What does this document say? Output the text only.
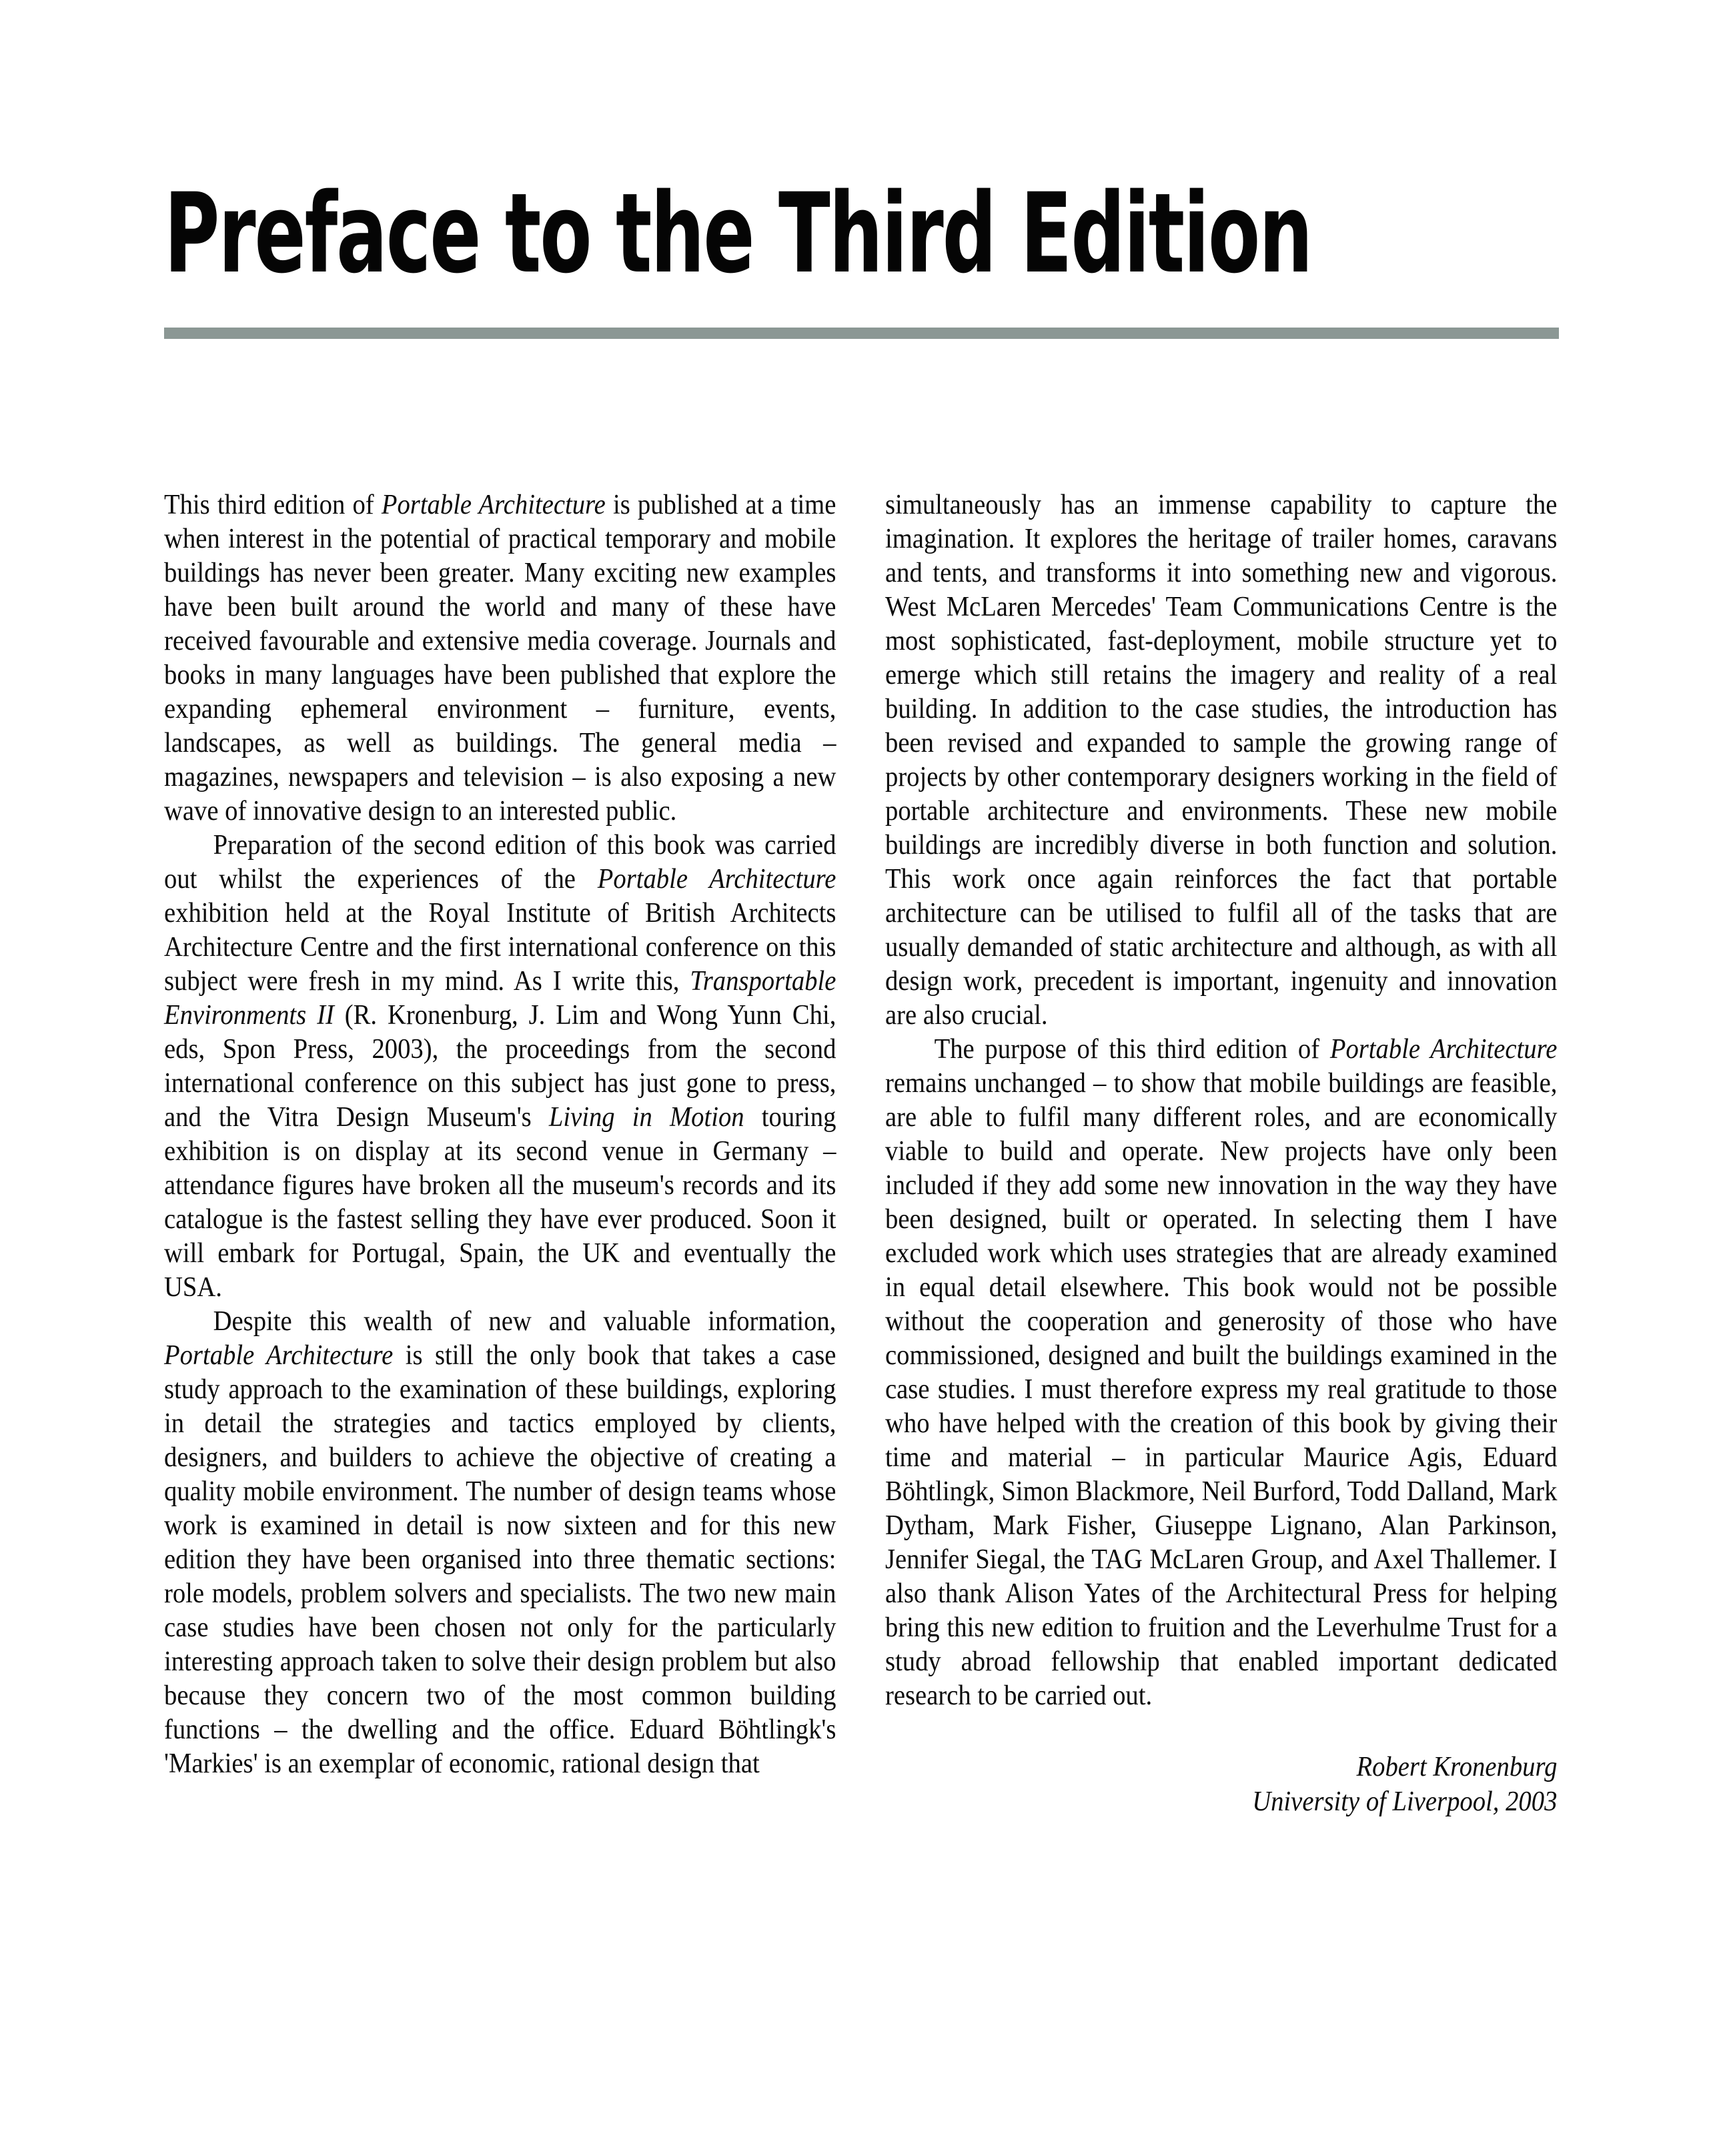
Preface to the Third Edition

This third edition of Portable Architecture is published at a time when interest in the potential of practical temporary and mobile buildings has never been greater. Many exciting new examples have been built around the world and many of these have received favourable and extensive media coverage. Journals and books in many languages have been published that explore the expanding ephemeral environment – furniture, events, landscapes, as well as buildings. The general media – magazines, newspapers and television – is also exposing a new wave of innovative design to an interested public.

Preparation of the second edition of this book was carried out whilst the experiences of the Portable Architecture exhibition held at the Royal Institute of British Architects Architecture Centre and the first international conference on this subject were fresh in my mind. As I write this, Transportable Environments II (R. Kronenburg, J. Lim and Wong Yunn Chi, eds, Spon Press, 2003), the proceedings from the second international conference on this subject has just gone to press, and the Vitra Design Museum's Living in Motion touring exhibition is on display at its second venue in Germany – attendance figures have broken all the museum's records and its catalogue is the fastest selling they have ever produced. Soon it will embark for Portugal, Spain, the UK and eventually the USA.

Despite this wealth of new and valuable information, Portable Architecture is still the only book that takes a case study approach to the examination of these buildings, exploring in detail the strategies and tactics employed by clients, designers, and builders to achieve the objective of creating a quality mobile environment. The number of design teams whose work is examined in detail is now sixteen and for this new edition they have been organised into three thematic sections: role models, problem solvers and specialists. The two new main case studies have been chosen not only for the particularly interesting approach taken to solve their design problem but also because they concern two of the most common building functions – the dwelling and the office. Eduard Böhtlingk's 'Markies' is an exemplar of economic, rational design that

simultaneously has an immense capability to capture the imagination. It explores the heritage of trailer homes, caravans and tents, and transforms it into something new and vigorous. West McLaren Mercedes' Team Communications Centre is the most sophisticated, fast-deployment, mobile structure yet to emerge which still retains the imagery and reality of a real building. In addition to the case studies, the introduction has been revised and expanded to sample the growing range of projects by other contemporary designers working in the field of portable architecture and environments. These new mobile buildings are incredibly diverse in both function and solution. This work once again reinforces the fact that portable architecture can be utilised to fulfil all of the tasks that are usually demanded of static architecture and although, as with all design work, precedent is important, ingenuity and innovation are also crucial.

The purpose of this third edition of Portable Architecture remains unchanged – to show that mobile buildings are feasible, are able to fulfil many different roles, and are economically viable to build and operate. New projects have only been included if they add some new innovation in the way they have been designed, built or operated. In selecting them I have excluded work which uses strategies that are already examined in equal detail elsewhere. This book would not be possible without the cooperation and generosity of those who have commissioned, designed and built the buildings examined in the case studies. I must therefore express my real gratitude to those who have helped with the creation of this book by giving their time and material – in particular Maurice Agis, Eduard Böhtlingk, Simon Blackmore, Neil Burford, Todd Dalland, Mark Dytham, Mark Fisher, Giuseppe Lignano, Alan Parkinson, Jennifer Siegal, the TAG McLaren Group, and Axel Thallemer. I also thank Alison Yates of the Architectural Press for helping bring this new edition to fruition and the Leverhulme Trust for a study abroad fellowship that enabled important dedicated research to be carried out.

Robert Kronenburg
University of Liverpool, 2003
